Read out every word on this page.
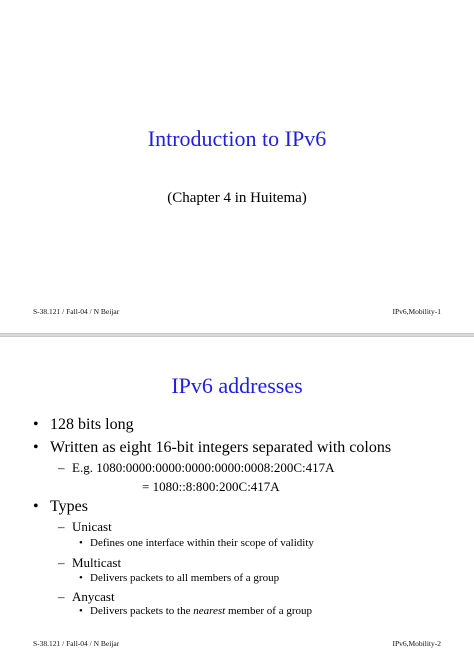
Introduction to IPv6
(Chapter 4 in Huitema)
S-38.121 / Fall-04 / N Beijar	IPv6,Mobility-1
IPv6 addresses
• 128 bits long
• Written as eight 16-bit integers separated with colons
– E.g. 1080:0000:0000:0000:0000:0008:200C:417A
= 1080::8:800:200C:417A
• Types
– Unicast
• Defines one interface within their scope of validity
– Multicast
• Delivers packets to all members of a group
– Anycast
• Delivers packets to the nearest member of a group
S-38.121 / Fall-04 / N Beijar	IPv6,Mobility-2
